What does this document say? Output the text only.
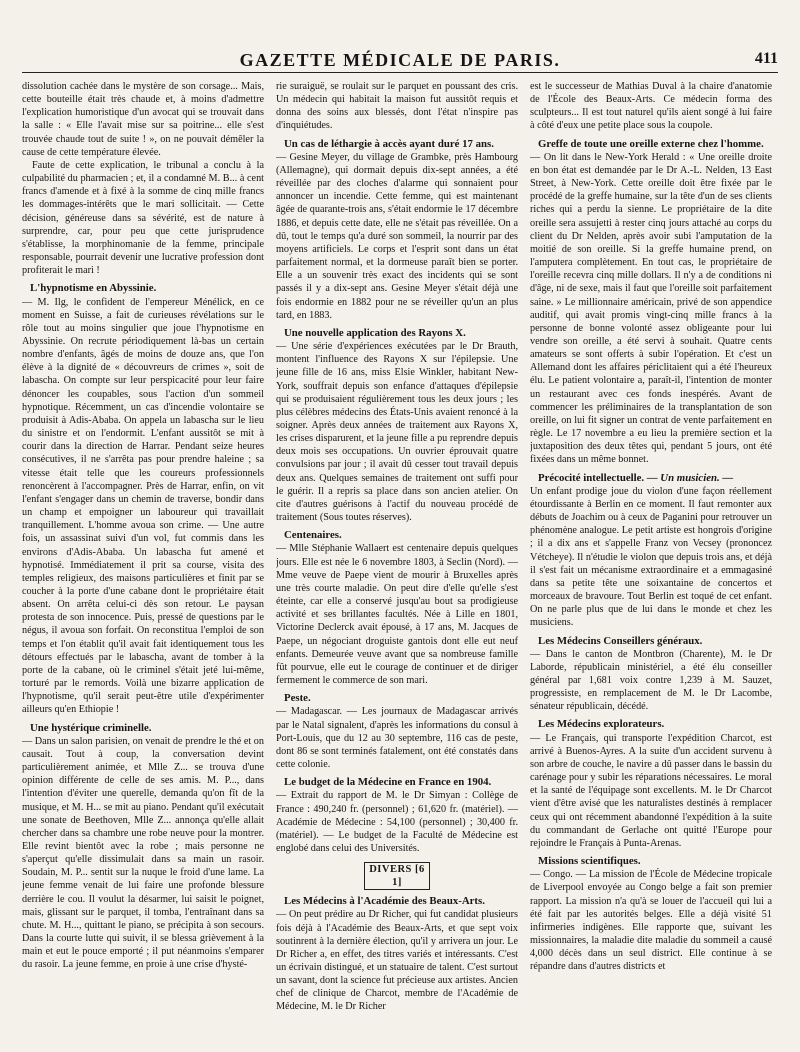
GAZETTE MÉDICALE DE PARIS.	411

dissolution cachée dans le mystère de son corsage... Mais, cette bouteille était très chaude et, à moins d'admettre l'explication humoristique d'un avocat qui se trouvait dans la salle : « Elle l'avait mise sur sa poitrine... elle s'est trouvée chaude tout de suite ! », on ne pouvait démêler la cause de cette température élevée.

Faute de cette explication, le tribunal a conclu à la culpabilité du pharmacien ; et, il a condamné M. B... à cent francs d'amende et à fixé à la somme de cinq mille francs les dommages-intérêts que le mari sollicitait. — Cette décision, généreuse dans sa sévérité, est de nature à surprendre, car, pour peu que cette jurisprudence s'établisse, la morphinomanie de la femme, principale responsable, pourrait devenir une lucrative profession dont profiterait le mari !

L'hypnotisme en Abyssinie.

— M. Ilg, le confident de l'empereur Ménélick, en ce moment en Suisse, a fait de curieuses révélations sur le rôle tout au moins singulier que joue l'hypnotisme en Abyssinie. On recrute périodiquement là-bas un certain nombre d'enfants, âgés de moins de douze ans, que l'on élève à la dignité de « découvreurs de crimes », soit de labascha. On compte sur leur perspicacité pour leur faire dénoncer les coupables, sous l'action d'un sommeil hypnotique. Récemment, un cas d'incendie volontaire se produisit à Adis-Ababa. On appela un labascha sur le lieu du sinistre et on l'endormit. L'enfant aussitôt se mit à courir dans la direction de Harrar. Pendant seize heures consécutives, il ne s'arrêta pas pour prendre haleine ; sa vitesse était telle que les coureurs professionnels renoncèrent à l'accompagner. Près de Harrar, enfin, on vit l'enfant s'engager dans un chemin de traverse, bondir dans un champ et empoigner un laboureur qui travaillait tranquillement. L'homme avoua son crime. — Une autre fois, un assassinat suivi d'un vol, fut commis dans les environs d'Adis-Ababa. Un labascha fut amené et hypnotisé. Immédiatement il prit sa course, visita des temples religieux, des maisons particulières et finit par se coucher à la porte d'une cabane dont le propriétaire était absent. On arrêta celui-ci dès son retour. Le paysan protesta de son innocence. Puis, pressé de questions par le négus, il avoua son forfait. On reconstitua l'emploi de son temps et l'on établit qu'il avait fait identiquement tous les détours effectués par le labascha, avant de tomber à la porte de la cabane, où le criminel s'était jeté lui-même, torturé par le remords. Voilà une bizarre application de l'hypnotisme, qu'il serait peut-être utile d'expérimenter ailleurs qu'en Ethiopie !

Une hystérique criminelle.

— Dans un salon parisien, on venait de prendre le thé et on causait. Tout à coup, la conversation devint particulièrement animée, et Mlle Z... se trouva d'une opinion différente de celle de ses amis. M. P..., dans l'intention d'éviter une querelle, demanda qu'on fît de la musique, et M. H... se mit au piano. Pendant qu'il exécutait une sonate de Beethoven, Mlle Z... annonça qu'elle allait chercher dans sa chambre une robe neuve pour la montrer. Elle revint bientôt avec la robe ; mais personne ne s'aperçut qu'elle dissimulait dans sa main un rasoir. Soudain, M. P... sentit sur la nuque le froid d'une lame. La jeune femme venait de lui faire une profonde blessure derrière le cou. Il voulut la désarmer, lui saisit le poignet, mais, glissant sur le parquet, il tomba, l'entraînant dans sa chute. M. H..., quittant le piano, se précipita à son secours. Dans la courte lutte qui suivit, il se blessa grièvement à la main et eut le pouce emporté ; il put néanmoins s'emparer du rasoir. La jeune femme, en proie à une crise d'hysté-

rie suraiguë, se roulait sur le parquet en poussant des cris. Un médecin qui habitait la maison fut aussitôt requis et donna des soins aux blessés, dont l'état n'inspire pas d'inquiétudes.

Un cas de léthargie à accès ayant duré 17 ans.

— Gesine Meyer, du village de Grambke, près Hambourg (Allemagne), qui dormait depuis dix-sept années, a été réveillée par des cloches d'alarme qui sonnaient pour annoncer un incendie. Cette femme, qui est maintenant âgée de quarante-trois ans, s'était endormie le 17 décembre 1886, et depuis cette date, elle ne s'était pas réveillée. On a dû, tout le temps qu'a duré son sommeil, la nourrir par des moyens artificiels. Le corps et l'esprit sont dans un état parfaitement normal, et la dormeuse paraît bien se porter. Elle a un souvenir très exact des incidents qui se sont passés il y a dix-sept ans. Gesine Meyer s'était déjà une fois endormie en 1882 pour ne se réveiller qu'un an plus tard, en 1883.

Une nouvelle application des Rayons X.

— Une série d'expériences exécutées par le Dr Brauth, montent l'influence des Rayons X sur l'épilepsie. Une jeune fille de 16 ans, miss Elsie Winkler, habitant New-York, souffrait depuis son enfance d'attaques d'épilepsie qui se produisaient régulièrement tous les deux jours ; les plus célèbres médecins des États-Unis avaient renoncé à la soigner. Après deux années de traitement aux Rayons X, les crises disparurent, et la jeune fille a pu reprendre depuis deux mois ses occupations. Un ouvrier éprouvait quatre convulsions par jour ; il avait dû cesser tout travail depuis deux ans. Quelques semaines de traitement ont suffi pour le guérir. Il a repris sa place dans son ancien atelier. On cite d'autres guérisons à l'actif du nouveau procédé de traitement (Sous toutes réserves).

Centenaires.

— Mlle Stéphanie Wallaert est centenaire depuis quelques jours. Elle est née le 6 novembre 1803, à Seclin (Nord). — Mme veuve de Paepe vient de mourir à Bruxelles après une très courte maladie. On peut dire d'elle qu'elle s'est éteinte, car elle a conservé jusqu'au bout sa prodigieuse activité et ses brillantes facultés. Née à Lille en 1801, Victorine Declerck avait épousé, à 17 ans, M. Jacques de Paepe, un négociant droguiste gantois dont elle eut neuf enfants. Demeurée veuve avant que sa nombreuse famille fût pourvue, elle eut le courage de continuer et de diriger fermement le commerce de son mari.

Peste.

— Madagascar. — Les journaux de Madagascar arrivés par le Natal signalent, d'après les informations du consul à Port-Louis, que du 12 au 30 septembre, 116 cas de peste, dont 86 se sont terminés fatalement, ont été constatés dans cette colonie.

Le budget de la Médecine en France en 1904.

— Extrait du rapport de M. le Dr Simyan : Collège de France : 490,240 fr. (personnel) ; 61,620 fr. (matériel). — Académie de Médecine : 54,100 (personnel) ; 30,400 fr. (matériel). — Le budget de la Faculté de Médecine est englobé dans celui des Universités.

DIVERS [6 1]
Les Médecins à l'Académie des Beaux-Arts.

— On peut prédire au Dr Richer, qui fut candidat plusieurs fois déjà à l'Académie des Beaux-Arts, et que sept voix soutinrent à la dernière élection, qu'il y arrivera un jour. Le Dr Richer a, en effet, des titres variés et intéressants. C'est un écrivain distingué, et un statuaire de talent. C'est surtout un savant, dont la science fut précieuse aux artistes. Ancien chef de clinique de Charcot, membre de l'Académie de Médecine, M. le Dr Richer

est le successeur de Mathias Duval à la chaire d'anatomie de l'École des Beaux-Arts. Ce médecin forma des sculpteurs... Il est tout naturel qu'ils aient songé à lui faire à côté d'eux une petite place sous la coupole.

Greffe de toute une oreille externe chez l'homme.

— On lit dans le New-York Herald : « Une oreille droite en bon état est demandée par le Dr A.-L. Nelden, 13 East Street, à New-York. Cette oreille doit être fixée par le procédé de la greffe humaine, sur la tête d'un de ses clients riches qui a perdu la sienne. Le propriétaire de la dite oreille sera assujetti à rester cinq jours attaché au corps du client du Dr Nelden, après avoir subi l'amputation de la moitié de son oreille. Si la greffe humaine prend, on l'amputera complètement. En tout cas, le propriétaire de l'oreille recevra cinq mille dollars. Il n'y a de conditions ni d'âge, ni de sexe, mais il faut que l'oreille soit parfaitement saine. » Le millionnaire américain, privé de son appendice auditif, qui avait promis vingt-cinq mille francs à la personne de bonne volonté assez obligeante pour lui vendre son oreille, a été servi à souhait. Quatre cents amateurs se sont offerts à subir l'opération. Et c'est un Allemand dont les affaires périclitaient qui a été l'heureux élu. Le patient volontaire a, paraît-il, l'intention de monter un restaurant avec ces fonds inespérés. Avant de commencer les préliminaires de la transplantation de son oreille, on lui fit signer un contrat de vente parfaitement en règle. Le 17 novembre a eu lieu la première section et la juxtaposition des deux têtes qui, pendant 5 jours, ont été fixées dans un même bonnet.

Précocité intellectuelle. — Un musicien. —

Un enfant prodige joue du violon d'une façon réellement étourdissante à Berlin en ce moment. Il faut remonter aux débuts de Joachim ou à ceux de Paganini pour retrouver un phénomène analogue. Le petit artiste est hongrois d'origine ; il a dix ans et s'appelle Franz von Vecsey (prononcez Vétcheye). Il n'étudie le violon que depuis trois ans, et déjà il s'est fait un mécanisme extraordinaire et a emmagasiné dans sa petite tête une soixantaine de concertos et morceaux de bravoure. Tout Berlin est toqué de cet enfant. On ne parle plus que de lui dans le monde et chez les musiciens.

Les Médecins Conseillers généraux.

— Dans le canton de Montbron (Charente), M. le Dr Laborde, républicain ministériel, a été élu conseiller général par 1,681 voix contre 1,239 à M. Sauzet, progressiste, en remplacement de M. le Dr Lacombe, sénateur républicain, décédé.

Les Médecins explorateurs.

— Le Français, qui transporte l'expédition Charcot, est arrivé à Buenos-Ayres. A la suite d'un accident survenu à son arbre de couche, le navire a dû passer dans le bassin du carénage pour y subir les réparations nécessaires. Le moral et la santé de l'équipage sont excellents. M. le Dr Charcot vient d'être avisé que les naturalistes destinés à remplacer ceux qui ont récemment abandonné l'expédition à la suite du commandant de Gerlache ont quitté l'Europe pour rejoindre le Français à Punta-Arenas.

Missions scientifiques.

— Congo. — La mission de l'École de Médecine tropicale de Liverpool envoyée au Congo belge a fait son premier rapport. La mission n'a qu'à se louer de l'accueil qui lui a été fait par les autorités belges. Elle a déjà visité 51 infirmeries indigènes. Elle rapporte que, suivant les missionnaires, la maladie dite maladie du sommeil a causé 4,000 décès dans un seul district. Elle continue à se répandre dans d'autres districts et
